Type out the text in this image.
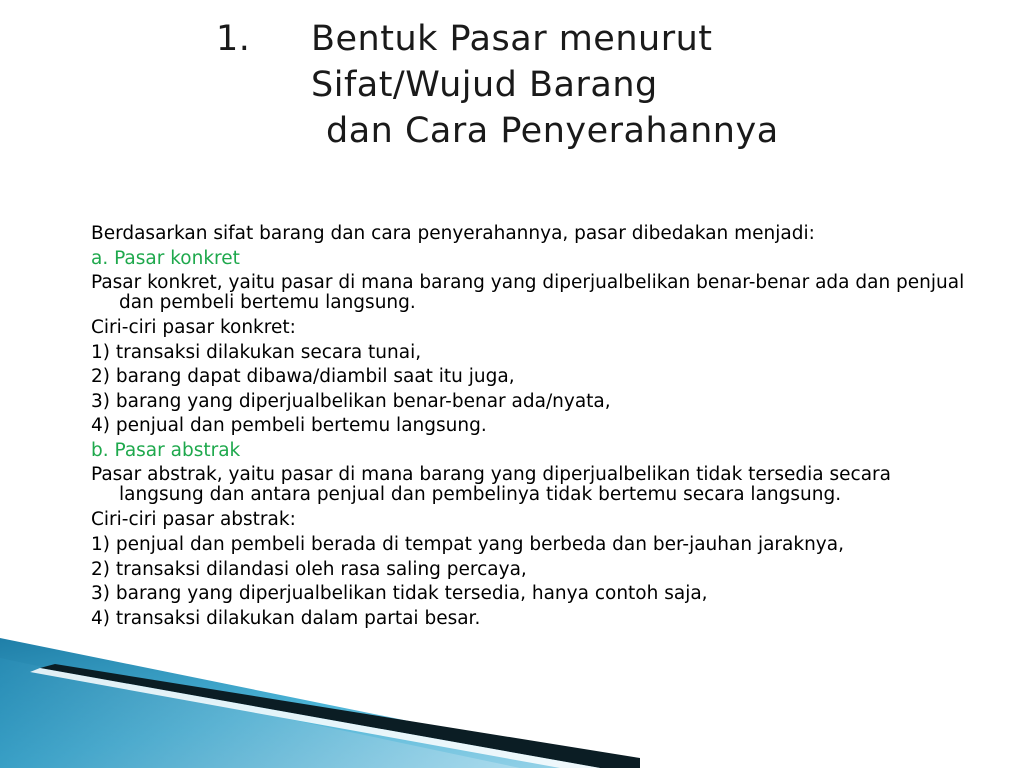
1. Bentuk Pasar menurut
Sifat/Wujud Barang
dan Cara Penyerahannya

Berdasarkan sifat barang dan cara penyerahannya, pasar dibedakan menjadi:

a. Pasar konkret

Pasar konkret, yaitu pasar di mana barang yang diperjualbelikan benar-benar ada dan penjual dan pembeli bertemu langsung.

Ciri-ciri pasar konkret:

1) transaksi dilakukan secara tunai,

2) barang dapat dibawa/diambil saat itu juga,

3) barang yang diperjualbelikan benar-benar ada/nyata,

4) penjual dan pembeli bertemu langsung.

b. Pasar abstrak

Pasar abstrak, yaitu pasar di mana barang yang diperjualbelikan tidak tersedia secara langsung dan antara penjual dan pembelinya tidak bertemu secara langsung.

Ciri-ciri pasar abstrak:

1) penjual dan pembeli berada di tempat yang berbeda dan ber-jauhan jaraknya,

2) transaksi dilandasi oleh rasa saling percaya,

3) barang yang diperjualbelikan tidak tersedia, hanya contoh saja,

4) transaksi dilakukan dalam partai besar.
